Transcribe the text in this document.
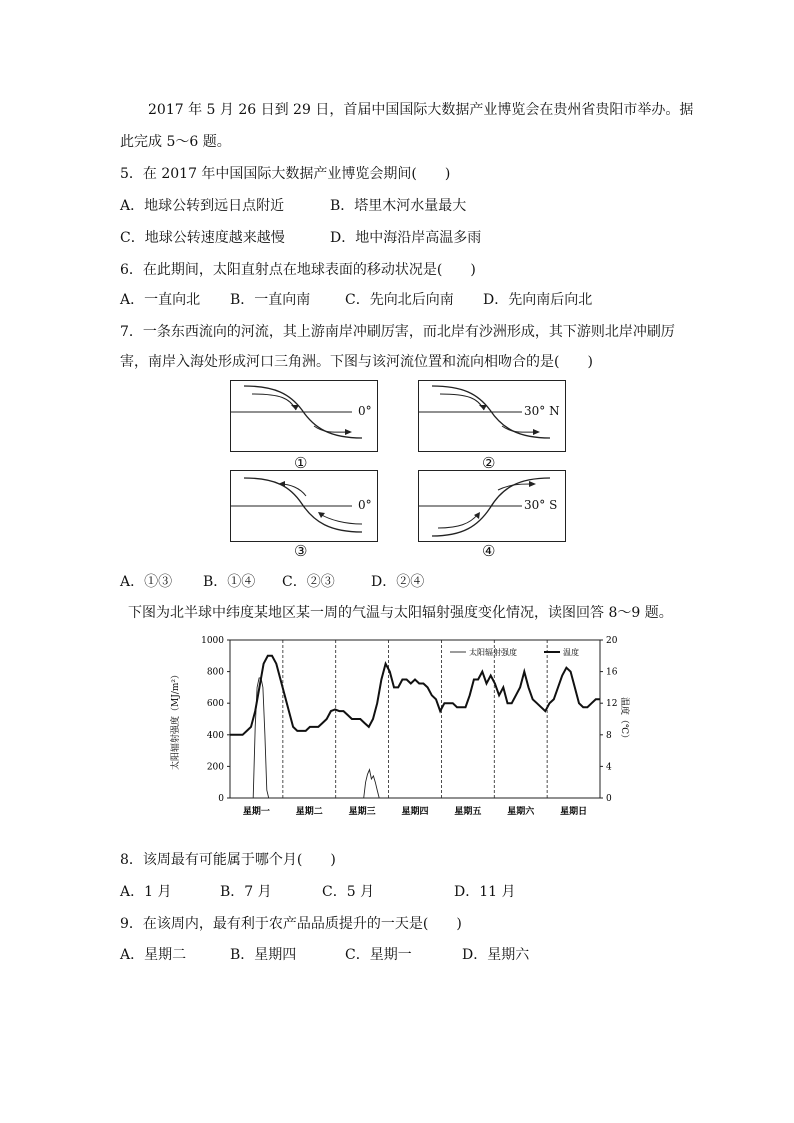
2017 年 5 月 26 日到 29 日，首届中国国际大数据产业博览会在贵州省贵阳市举办。据
此完成 5～6 题。
5．在 2017 年中国国际大数据产业博览会期间(　　)
A．地球公转到远日点附近	B．塔里木河水量最大
C．地球公转速度越来越慢	D．地中海沿岸高温多雨
6．在此期间，太阳直射点在地球表面的移动状况是(　　)
A．一直向北 B．一直向南 C．先向北后向南 D．先向南后向北
7．一条东西流向的河流，其上游南岸冲刷厉害，而北岸有沙洲形成，其下游则北岸冲刷厉
害，南岸入海处形成河口三角洲。下图与该河流位置和流向相吻合的是(　　)
0°
①
30° N
②
0°
③
30° S
④
A．①③ B．①④ C．②③	D．②④
下图为北半球中纬度某地区某一周的气温与太阳辐射强度变化情况，读图回答 8～9 题。
1000
800
600
400
200
0
20
16
12
8
4
0
星期一	星期二	星期三	星期四	星期五	星期六	星期日
太阳辐射强度	温度
太阳辐射强度（MJ/m²）	温度（℃）
8．该周最有可能属于哪个月(　　)
A．1 月	B．7 月	C．5 月	D．11 月
9．在该周内，最有利于农产品品质提升的一天是(　　)
A．星期二	B．星期四	C．星期一	D．星期六
